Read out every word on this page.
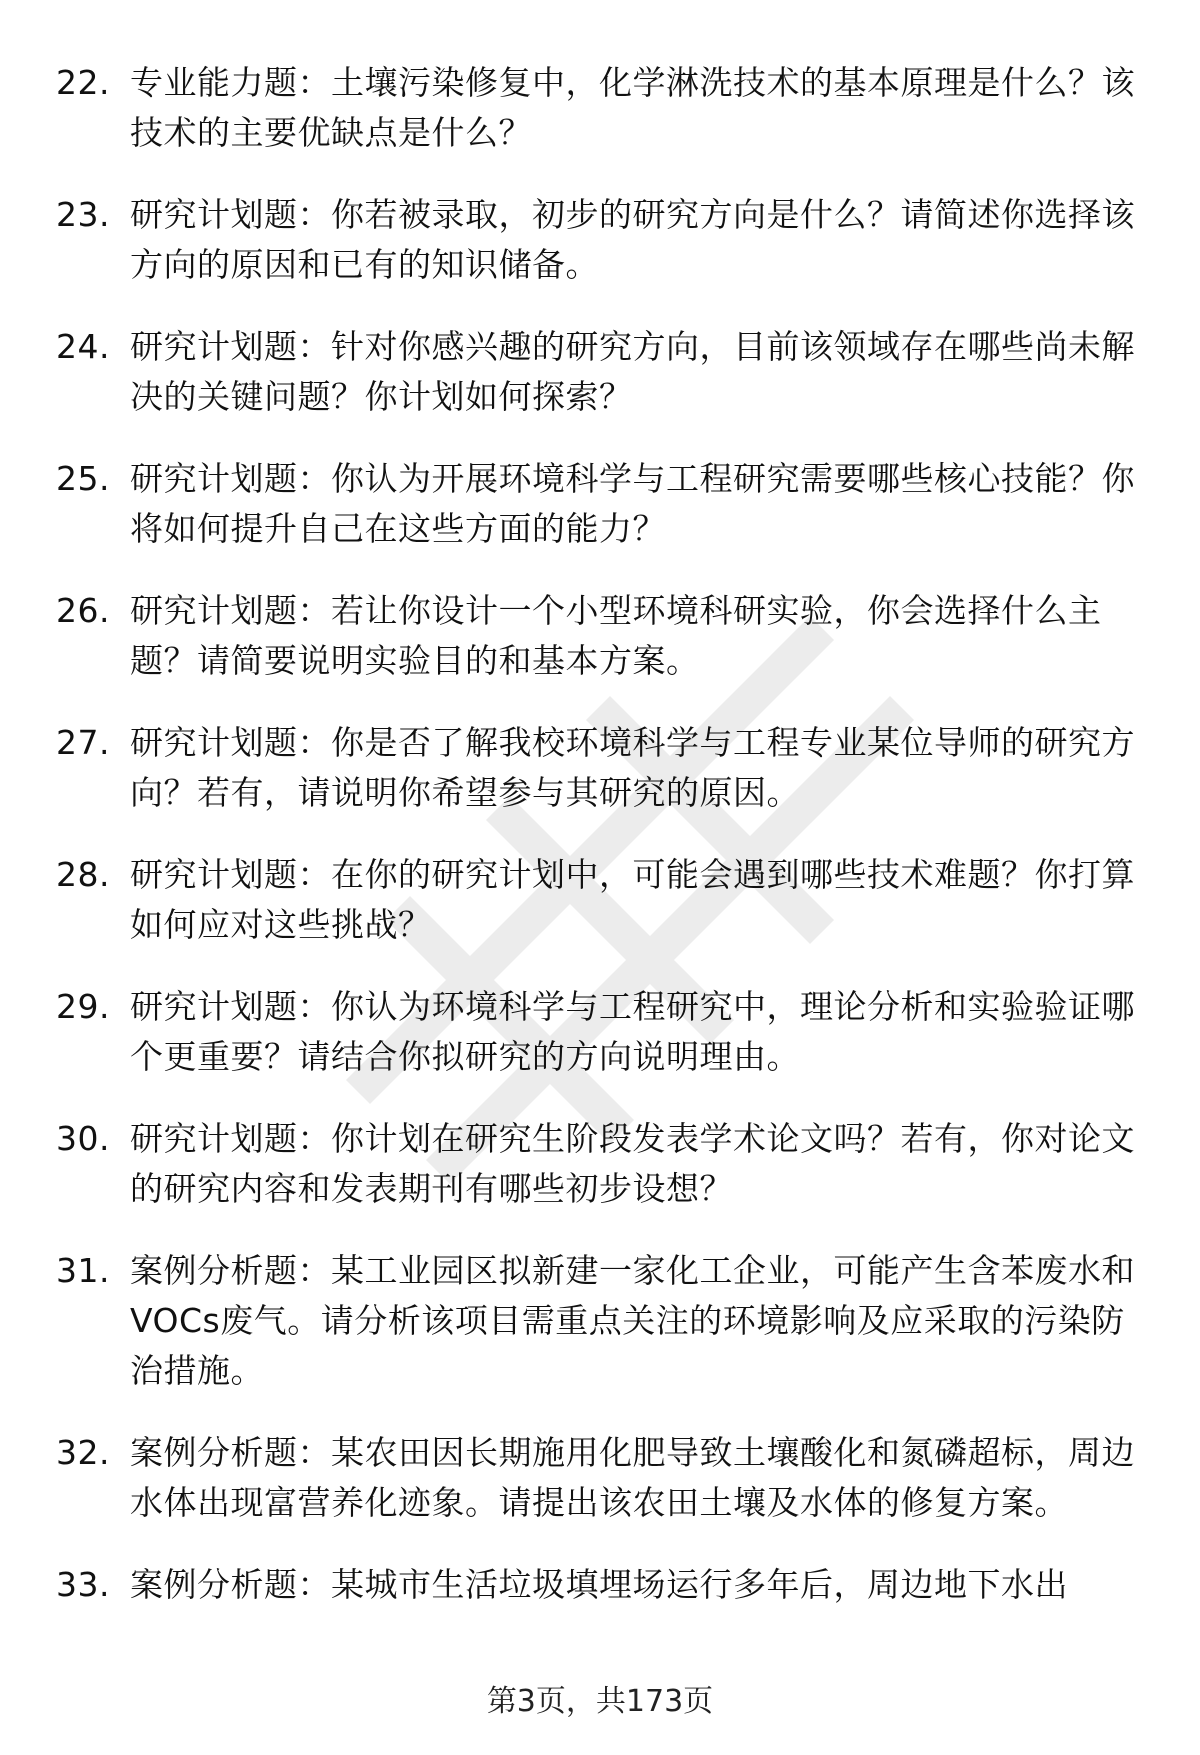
22. 专业能力题：土壤污染修复中，化学淋洗技术的基本原理是什么？该技术的主要优缺点是什么？
23. 研究计划题：你若被录取，初步的研究方向是什么？请简述你选择该方向的原因和已有的知识储备。
24. 研究计划题：针对你感兴趣的研究方向，目前该领域存在哪些尚未解决的关键问题？你计划如何探索？
25. 研究计划题：你认为开展环境科学与工程研究需要哪些核心技能？你将如何提升自己在这些方面的能力？
26. 研究计划题：若让你设计一个小型环境科研实验，你会选择什么主题？请简要说明实验目的和基本方案。
27. 研究计划题：你是否了解我校环境科学与工程专业某位导师的研究方向？若有，请说明你希望参与其研究的原因。
28. 研究计划题：在你的研究计划中，可能会遇到哪些技术难题？你打算如何应对这些挑战？
29. 研究计划题：你认为环境科学与工程研究中，理论分析和实验验证哪个更重要？请结合你拟研究的方向说明理由。
30. 研究计划题：你计划在研究生阶段发表学术论文吗？若有，你对论文的研究内容和发表期刊有哪些初步设想？
31. 案例分析题：某工业园区拟新建一家化工企业，可能产生含苯废水和VOCs废气。请分析该项目需重点关注的环境影响及应采取的污染防治措施。
32. 案例分析题：某农田因长期施用化肥导致土壤酸化和氮磷超标，周边水体出现富营养化迹象。请提出该农田土壤及水体的修复方案。
33. 案例分析题：某城市生活垃圾填埋场运行多年后，周边地下水出
第3页，共173页
